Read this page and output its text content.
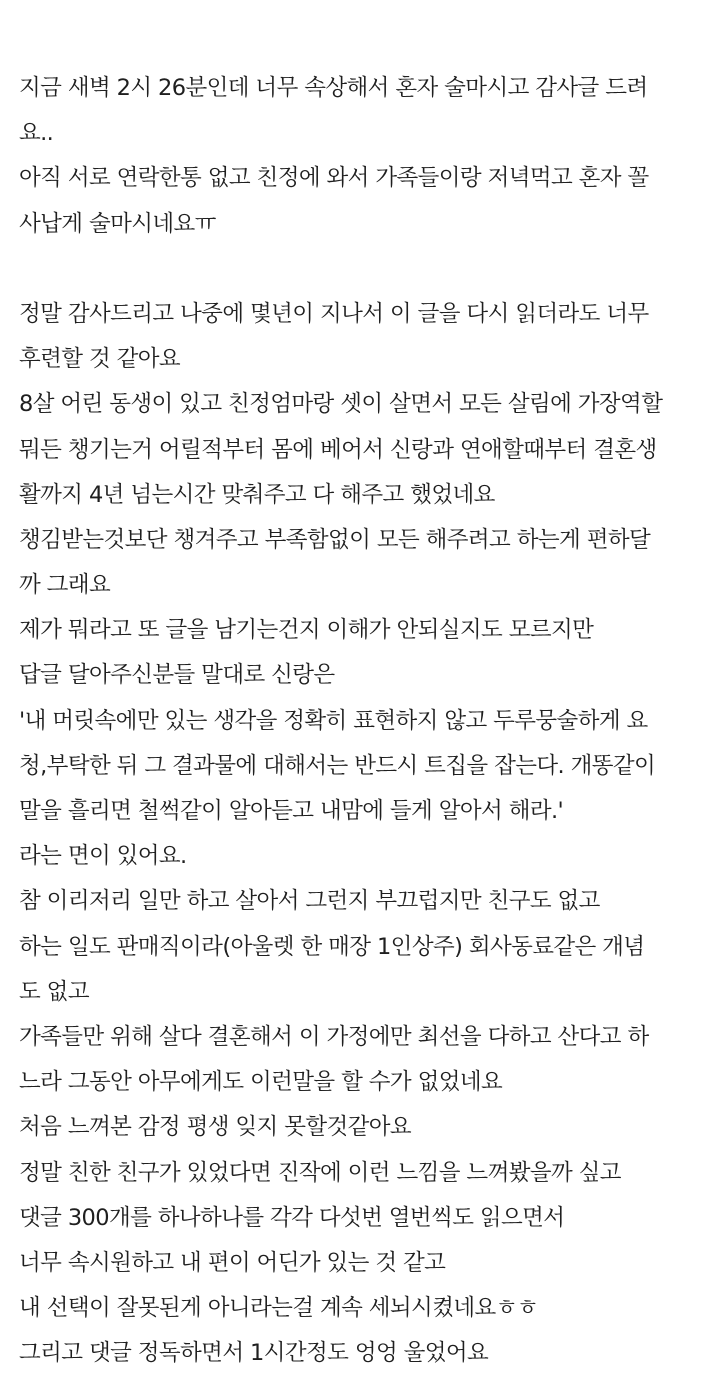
지금 새벽 2시 26분인데 너무 속상해서 혼자 술마시고 감사글 드려
요..
아직 서로 연락한통 없고 친정에 와서 가족들이랑 저녁먹고 혼자 꼴
사납게 술마시네요ㅠ
정말 감사드리고 나중에 몇년이 지나서 이 글을 다시 읽더라도 너무
후련할 것 같아요
8살 어린 동생이 있고 친정엄마랑 셋이 살면서 모든 살림에 가장역할
뭐든 챙기는거 어릴적부터 몸에 베어서 신랑과 연애할때부터 결혼생
활까지 4년 넘는시간 맞춰주고 다 해주고 했었네요
챙김받는것보단 챙겨주고 부족함없이 모든 해주려고 하는게 편하달
까 그래요
제가 뭐라고 또 글을 남기는건지 이해가 안되실지도 모르지만
답글 달아주신분들 말대로 신랑은
'내 머릿속에만 있는 생각을 정확히 표현하지 않고 두루뭉술하게 요
청,부탁한 뒤 그 결과물에 대해서는 반드시 트집을 잡는다. 개똥같이
말을 흘리면 철썩같이 알아듣고 내맘에 들게 알아서 해라.'
라는 면이 있어요.
참 이리저리 일만 하고 살아서 그런지 부끄럽지만 친구도 없고
하는 일도 판매직이라(아울렛 한 매장 1인상주) 회사동료같은 개념
도 없고
가족들만 위해 살다 결혼해서 이 가정에만 최선을 다하고 산다고 하
느라 그동안 아무에게도 이런말을 할 수가 없었네요
처음 느껴본 감정 평생 잊지 못할것같아요
정말 친한 친구가 있었다면 진작에 이런 느낌을 느껴봤을까 싶고
댓글 300개를 하나하나를 각각 다섯번 열번씩도 읽으면서
너무 속시원하고 내 편이 어딘가 있는 것 같고
내 선택이 잘못된게 아니라는걸 계속 세뇌시켰네요ㅎㅎ
그리고 댓글 정독하면서 1시간정도 엉엉 울었어요
